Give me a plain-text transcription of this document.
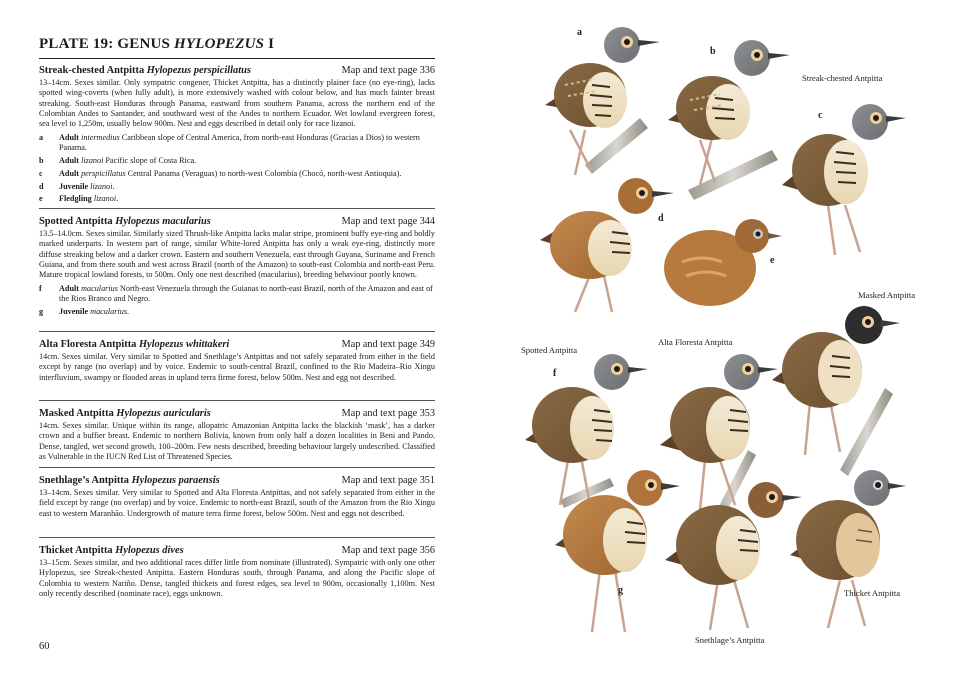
PLATE 19: GENUS HYLOPEZUS I
Streak-chested Antpitta Hylopezus perspicillatus	Map and text page 336
13–14cm. Sexes similar. Only sympatric congener, Thicket Antpitta, has a distinctly plainer face (no eye-ring), lacks spotted wing-coverts (when fully adult), is more extensively washed with colour below, and has much fainter breast streaking. South-east Honduras through Panama, eastward from southern Panama, across the northern end of the Colombian Andes to Santander, and southward west of the Andes to northern Ecuador. Wet lowland evergreen forest, sea level to 1,250m, usually below 900m. Nest and eggs described in detail only for race lizanoi.
a	Adult intermedius Caribbean slope of Central America, from north-east Honduras (Gracias a Dios) to western Panama.
b	Adult lizanoi Pacific slope of Costa Rica.
c	Adult perspicillatus Central Panama (Veraguas) to north-west Colombia (Chocó, north-west Antioquia).
d	Juvenile lizanoi.
e	Fledgling lizanoi.
Spotted Antpitta Hylopezus macularius	Map and text page 344
13.5–14.0cm. Sexes similar. Similarly sized Thrush-like Antpitta lacks malar stripe, prominent buffy eye-ring and boldly marked underparts. In western part of range, similar White-lored Antpitta has only a weak eye-ring, distinctly more diffuse streaking below and a darker crown. Eastern and southern Venezuela, east through Guyana, Suriname and French Guiana, and from there south and west across Brazil (north of the Amazon) to south-east Colombia and north-east Peru. Mature tropical lowland forests, to 500m. Only one nest described (macularius), breeding behaviour poorly known.
f	Adult macularius North-east Venezuela through the Guianas to north-east Brazil, north of the Amazon and east of the Rios Branco and Negro.
g	Juvenile macularius.
Alta Floresta Antpitta Hylopezus whittakeri	Map and text page 349
14cm. Sexes similar. Very similar to Spotted and Snethlage’s Antpittas and not safely separated from either in the field except by range (no overlap) and by voice. Endemic to south-central Brazil, confined to the Rio Madeira–Rio Xingu interfluvium, swampy or flooded areas in upland terra firme forest, below 500m. Nest and egg not described.
Masked Antpitta Hylopezus auricularis	Map and text page 353
14cm. Sexes similar. Unique within its range, allopatric Amazonian Antpitta lacks the blackish ‘mask’, has a darker crown and a buffier breast. Endemic to northern Bolivia, known from only half a dozen localities in Beni and Pando. Dense, tangled, wet second growth, 100–200m. Few nests described, breeding behaviour largely undescribed. Classified as Vulnerable in the IUCN Red List of Threatened Species.
Snethlage’s Antpitta Hylopezus paraensis	Map and text page 351
13–14cm. Sexes similar. Very similar to Spotted and Alta Floresta Antpittas, and not safely separated from either in the field except by range (no overlap) and by voice. Endemic to north-east Brazil, south of the Amazon from the Rio Xingu east to western Maranhão. Undergrowth of mature terra firme forest, below 500m. Nest and eggs not described.
Thicket Antpitta Hylopezus dives	Map and text page 356
13–15cm. Sexes similar, and two additional races differ little from nominate (illustrated). Sympatric with only one other Hylopezus, see Streak-chested Antpitta. Eastern Honduras south, through Panama, and along the Pacific slope of Colombia to western Nariño. Dense, tangled thickets and forest edges, sea level to 900m, occasionally 1,100m. Nest only recently described (nominate race), eggs unknown.
60
a
b
c
d
e
f
g
Streak-chested Antpitta
Masked Antpitta
Alta Floresta Antpitta
Spotted Antpitta
Thicket Antpitta
Snethlage’s Antpitta
